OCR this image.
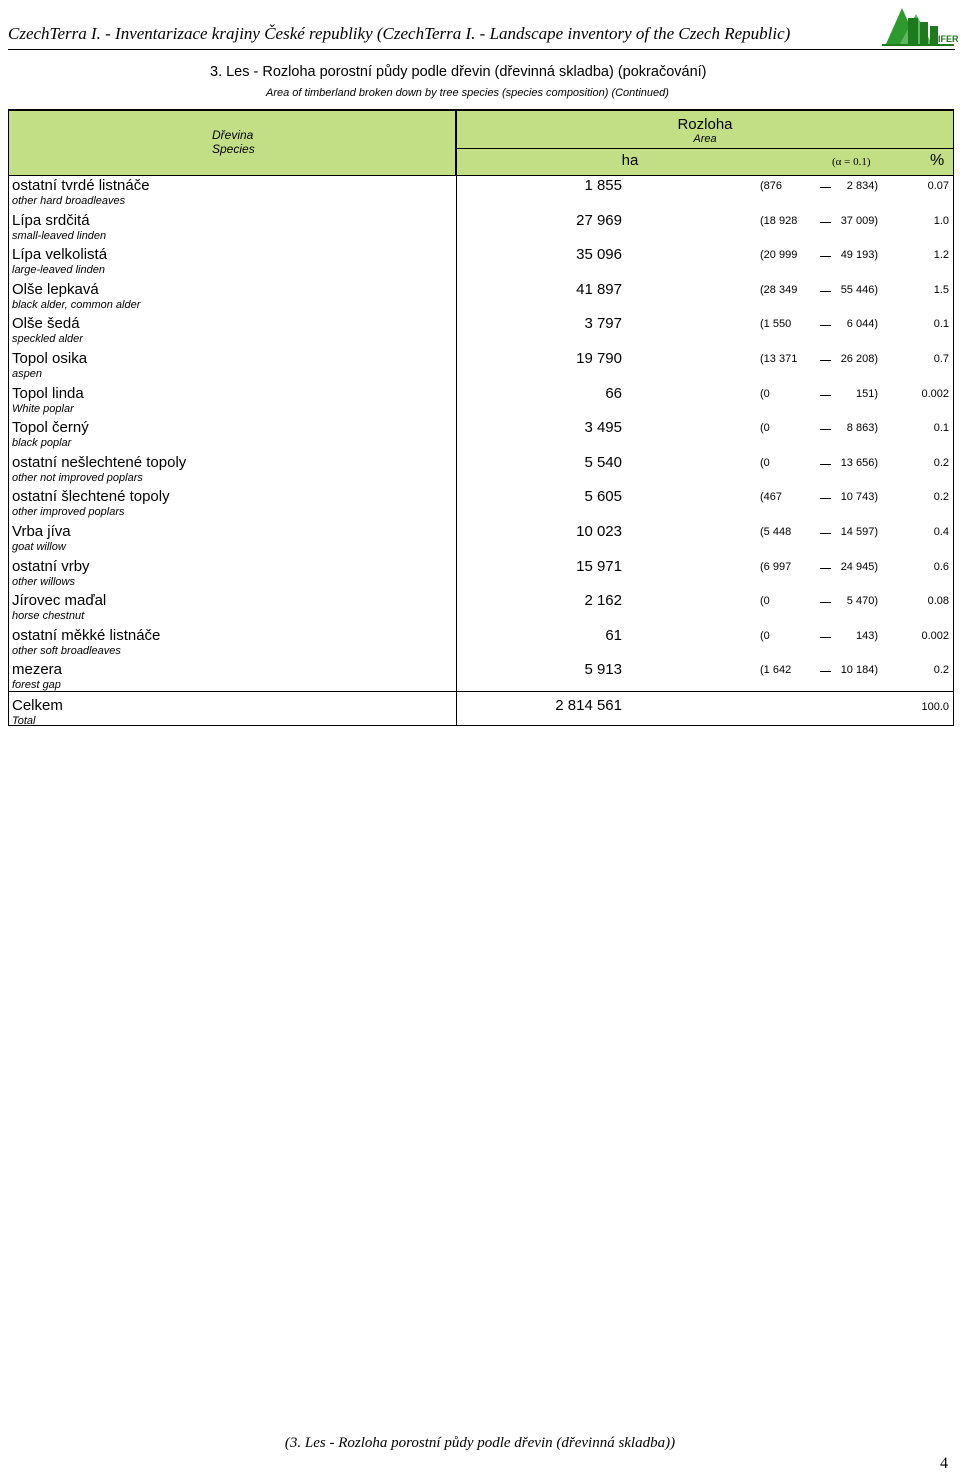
CzechTerra I. - Inventarizace krajiny České republiky (CzechTerra I. - Landscape inventory of the Czech Republic)	IFER
3. Les - Rozloha porostní půdy podle dřevin (dřevinná skladba) (pokračování)
Area of timberland broken down by tree species (species composition) (Continued)
Dřevina
Species
Rozloha
Area
ha	(α = 0.1)	%
ostatní tvrdé listnáče
other hard broadleaves
1 855	(876	2 834)	0.07
Lípa srdčitá
small-leaved linden
27 969	(18 928	37 009)	1.0
Lípa velkolistá
large-leaved linden
35 096	(20 999	49 193)	1.2
Olše lepkavá
black alder, common alder
41 897	(28 349	55 446)	1.5
Olše šedá
speckled alder
3 797	(1 550	6 044)	0.1
Topol osika
aspen
19 790	(13 371	26 208)	0.7
Topol linda
White poplar
66	(0	151)	0.002
Topol černý
black poplar
3 495	(0	8 863)	0.1
ostatní nešlechtené topoly
other not improved poplars
5 540	(0	13 656)	0.2
ostatní šlechtené topoly
other improved poplars
5 605	(467	10 743)	0.2
Vrba jíva
goat willow
10 023	(5 448	14 597)	0.4
ostatní vrby
other willows
15 971	(6 997	24 945)	0.6
Jírovec maďal
horse chestnut
2 162	(0	5 470)	0.08
ostatní měkké listnáče
other soft broadleaves
61	(0	143)	0.002
mezera
forest gap
5 913	(1 642	10 184)	0.2
Celkem
Total
2 814 561	100.0
(3. Les - Rozloha porostní půdy podle dřevin (dřevinná skladba))
4
